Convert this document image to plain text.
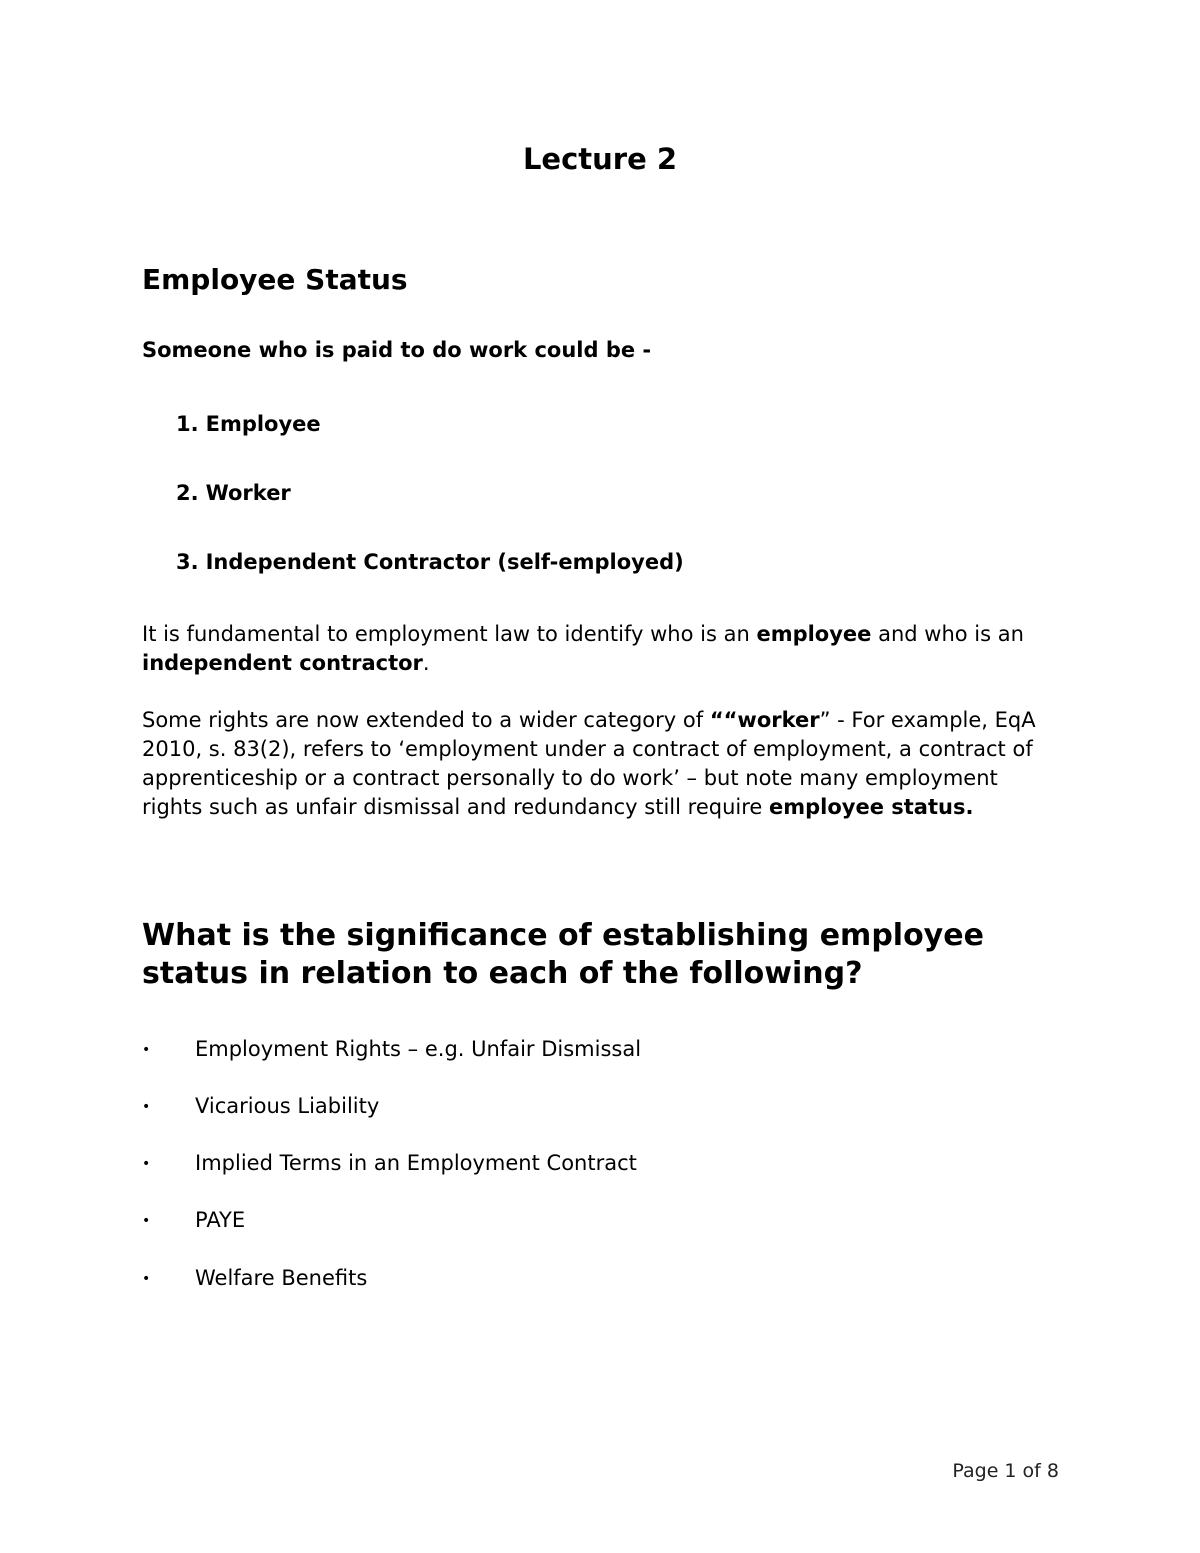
Lecture 2
Employee Status
Someone who is paid to do work could be -
1. Employee
2. Worker
3. Independent Contractor (self-employed)
It is fundamental to employment law to identify who is an employee and who is an independent contractor.
Some rights are now extended to a wider category of ““worker” - For example, EqA 2010, s. 83(2), refers to ‘employment under a contract of employment, a contract of apprenticeship or a contract personally to do work’ – but note many employment rights such as unfair dismissal and redundancy still require employee status.
What is the significance of establishing employee status in relation to each of the following?
• Employment Rights – e.g. Unfair Dismissal
• Vicarious Liability
• Implied Terms in an Employment Contract
• PAYE
• Welfare Benefits
Page 1 of 8
